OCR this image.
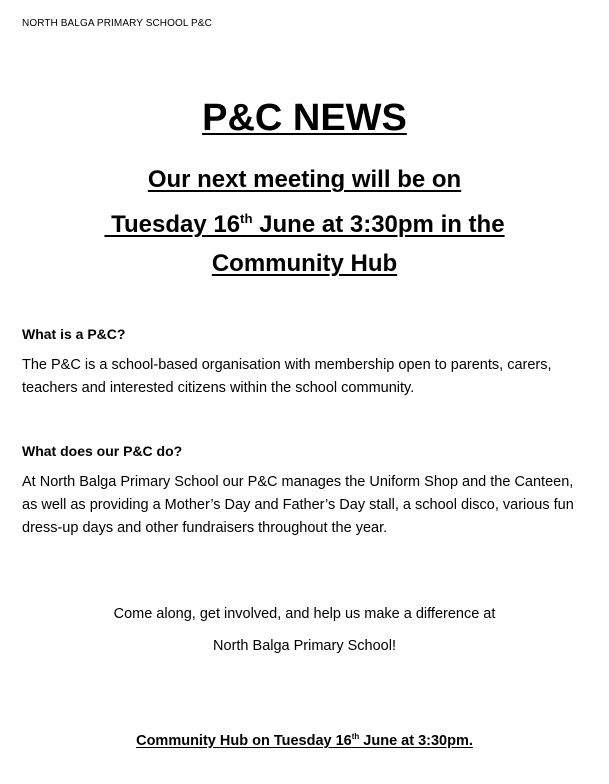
NORTH BALGA PRIMARY SCHOOL P&C
P&C NEWS
Our next meeting will be on
Tuesday 16th June at 3:30pm in the
Community Hub

What is a P&C?

The P&C is a school-based organisation with membership open to parents, carers, teachers and interested citizens within the school community.

What does our P&C do?

At North Balga Primary School our P&C manages the Uniform Shop and the Canteen, as well as providing a Mother’s Day and Father’s Day stall, a school disco, various fun dress-up days and other fundraisers throughout the year.

Come along, get involved, and help us make a difference at
North Balga Primary School!
Community Hub on Tuesday 16th June at 3:30pm.
